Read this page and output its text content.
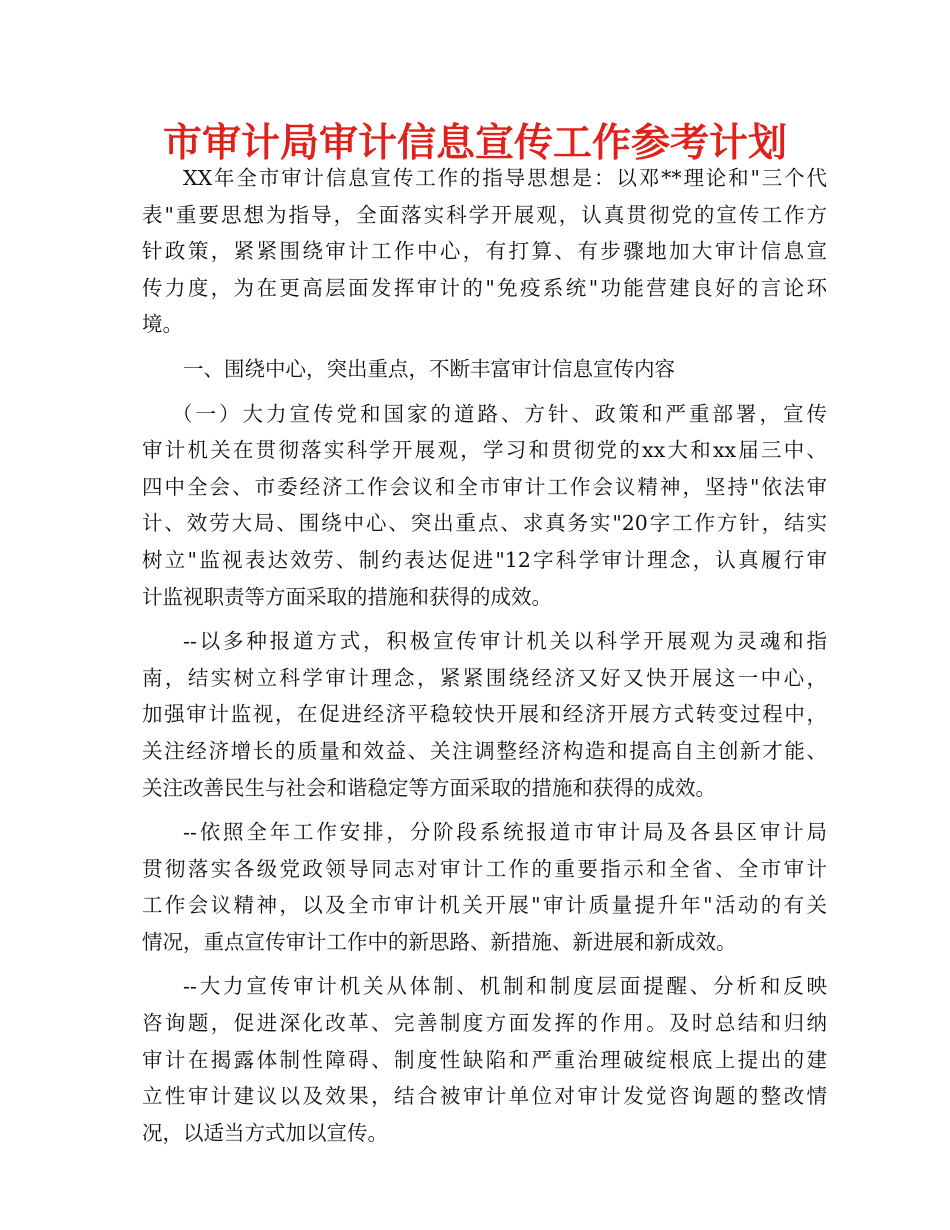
市审计局审计信息宣传工作参考计划
XX年全市审计信息宣传工作的指导思想是：以邓**理论和"三个代
表"重要思想为指导，全面落实科学开展观，认真贯彻党的宣传工作方
针政策，紧紧围绕审计工作中心，有打算、有步骤地加大审计信息宣
传力度，为在更高层面发挥审计的"免疫系统"功能营建良好的言论环
境。
一、围绕中心，突出重点，不断丰富审计信息宣传内容
（一）大力宣传党和国家的道路、方针、政策和严重部署，宣传
审计机关在贯彻落实科学开展观，学习和贯彻党的xx大和xx届三中、
四中全会、市委经济工作会议和全市审计工作会议精神，坚持"依法审
计、效劳大局、围绕中心、突出重点、求真务实"20字工作方针，结实
树立"监视表达效劳、制约表达促进"12字科学审计理念，认真履行审
计监视职责等方面采取的措施和获得的成效。
--以多种报道方式，积极宣传审计机关以科学开展观为灵魂和指
南，结实树立科学审计理念，紧紧围绕经济又好又快开展这一中心，
加强审计监视，在促进经济平稳较快开展和经济开展方式转变过程中，
关注经济增长的质量和效益、关注调整经济构造和提高自主创新才能、
关注改善民生与社会和谐稳定等方面采取的措施和获得的成效。
--依照全年工作安排，分阶段系统报道市审计局及各县区审计局
贯彻落实各级党政领导同志对审计工作的重要指示和全省、全市审计
工作会议精神，以及全市审计机关开展"审计质量提升年"活动的有关
情况，重点宣传审计工作中的新思路、新措施、新进展和新成效。
--大力宣传审计机关从体制、机制和制度层面提醒、分析和反映
咨询题，促进深化改革、完善制度方面发挥的作用。及时总结和归纳
审计在揭露体制性障碍、制度性缺陷和严重治理破绽根底上提出的建
立性审计建议以及效果，结合被审计单位对审计发觉咨询题的整改情
况，以适当方式加以宣传。
